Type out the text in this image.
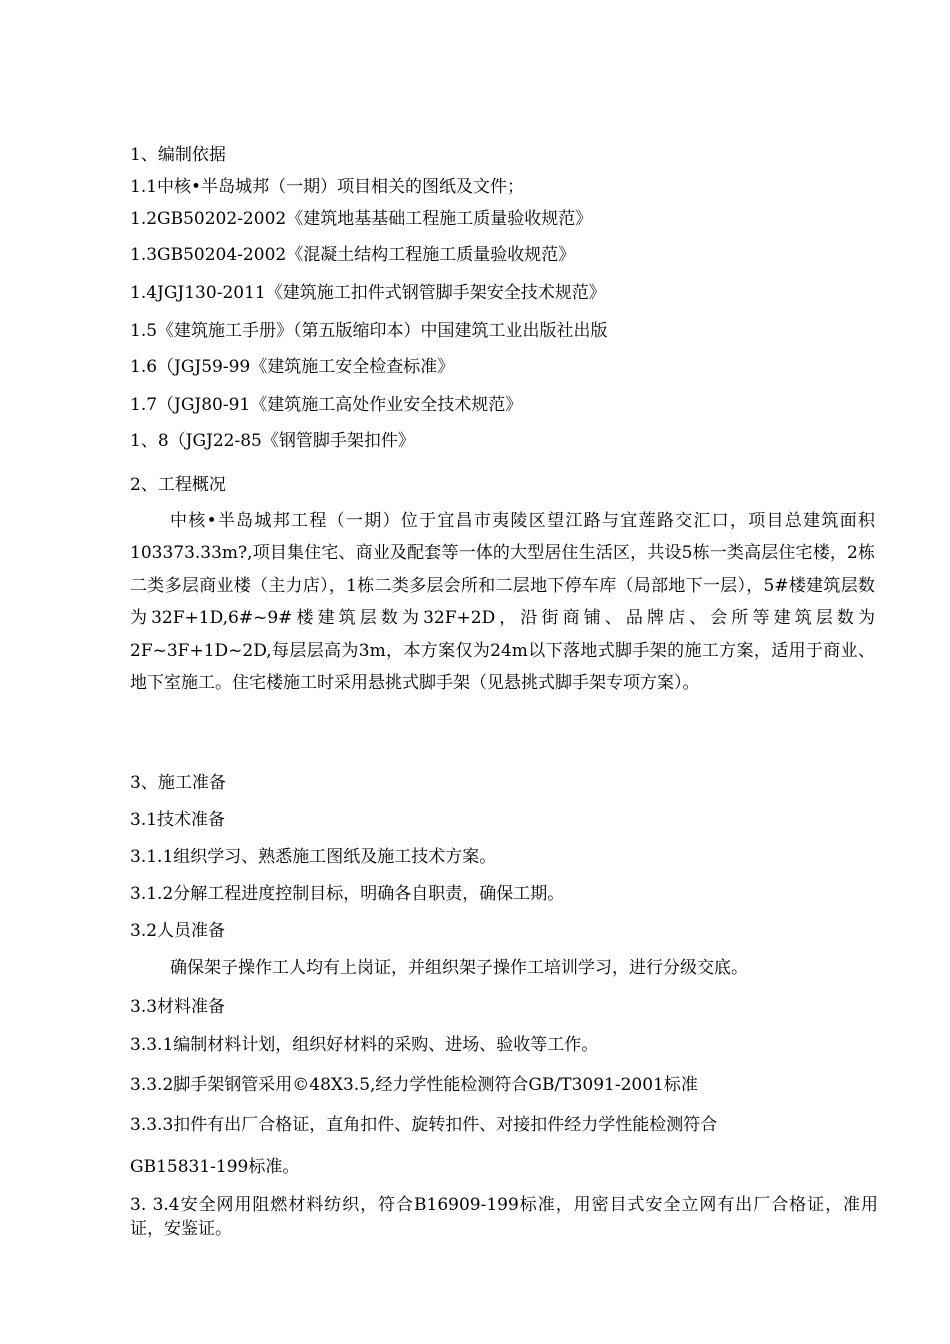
1、编制依据
1.1中核•半岛城邦（一期）项目相关的图纸及文件；
1.2GB50202-2002《建筑地基基础工程施工质量验收规范》
1.3GB50204-2002《混凝土结构工程施工质量验收规范》
1.4JGJ130-2011《建筑施工扣件式钢管脚手架安全技术规范》
1.5《建筑施工手册》（第五版缩印本）中国建筑工业出版社出版
1.6（JGJ59-99《建筑施工安全检查标准》
1.7（JGJ80-91《建筑施工高处作业安全技术规范》
1、8（JGJ22-85《钢管脚手架扣件》
2、工程概况
中核•半岛城邦工程（一期）位于宜昌市夷陵区望江路与宜莲路交汇口，项目总建筑面积103373.33m?,项目集住宅、商业及配套等一体的大型居住生活区，共设5栋一类高层住宅楼，2栋二类多层商业楼（主力店），1栋二类多层会所和二层地下停车库（局部地下一层），5#楼建筑层数为32F+1D,6#~9#楼建筑层数为32F+2D，沿街商铺、品牌店、会所等建筑层数为2F~3F+1D~2D,每层层高为3m，本方案仅为24m以下落地式脚手架的施工方案，适用于商业、地下室施工。住宅楼施工时采用悬挑式脚手架（见悬挑式脚手架专项方案）。
3、施工准备
3.1技术准备
3.1.1组织学习、熟悉施工图纸及施工技术方案。
3.1.2分解工程进度控制目标，明确各自职责，确保工期。
3.2人员准备
确保架子操作工人均有上岗证，并组织架子操作工培训学习，进行分级交底。
3.3材料准备
3.3.1编制材料计划，组织好材料的采购、进场、验收等工作。
3.3.2脚手架钢管采用©48X3.5,经力学性能检测符合GB/T3091-2001标准
3.3.3扣件有出厂合格证，直角扣件、旋转扣件、对接扣件经力学性能检测符合
GB15831-199标准。
3. 3.4安全网用阻燃材料纺织，符合B16909-199标准，用密目式安全立网有出厂合格证，准用证，安鉴证。
